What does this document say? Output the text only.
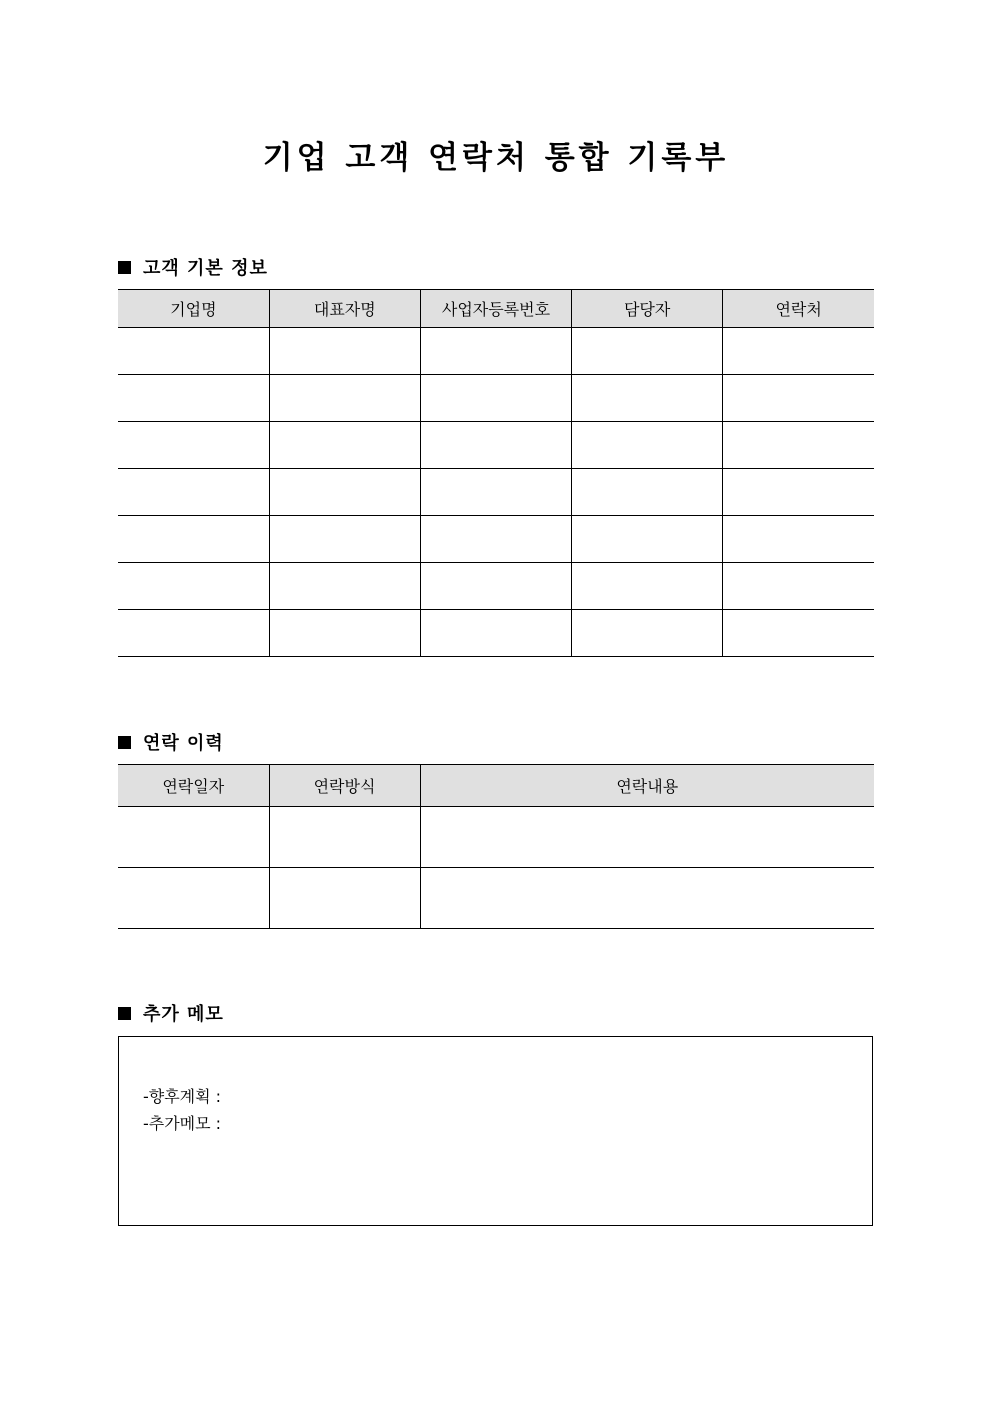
기업 고객 연락처 통합 기록부
고객 기본 정보
기업명	대표자명	사업자등록번호	담당자	연락처

연락 이력
연락일자	연락방식	연락내용

추가 메모
-향후계획 :
-추가메모 :
